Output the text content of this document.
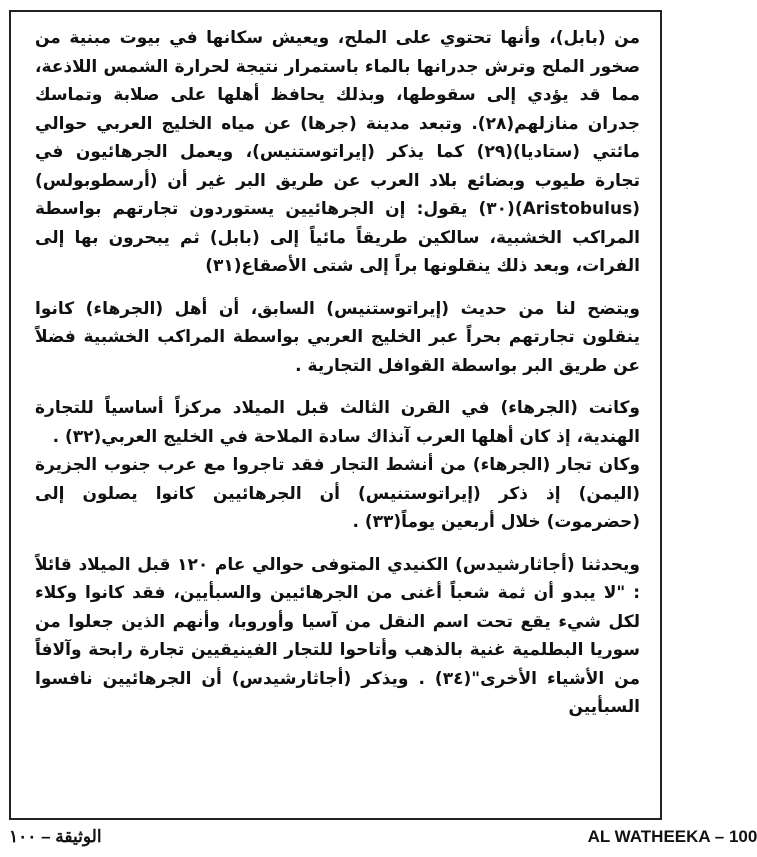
من (بابل)، وأنها تحتوي على الملح، ويعيش سكانها في بيوت مبنية من صخور الملح وترش جدرانها بالماء باستمرار نتيجة لحرارة الشمس اللاذعة، مما قد يؤدي إلى سقوطها، وبذلك يحافظ أهلها على صلابة وتماسك جدران منازلهم(٢٨). وتبعد مدينة (جرها) عن مياه الخليج العربي حوالي مائتي (ستاديا)(٢٩) كما يذكر (إيراتوستنيس)، ويعمل الجرهائيون في تجارة طيوب وبضائع بلاد العرب عن طريق البر غير أن (أرسطوبولس) (Aristobulus)(٣٠) يقول: إن الجرهائيين يستوردون تجارتهم بواسطة المراكب الخشبية، سالكين طريقاً مائياً إلى (بابل) ثم يبحرون بها إلى الفرات، وبعد ذلك ينقلونها براً إلى شتى الأصقاع(٣١)

ويتضح لنا من حديث (إيراتوستنيس) السابق، أن أهل (الجرهاء) كانوا ينقلون تجارتهم بحراً عبر الخليج العربي بواسطة المراكب الخشبية فضلاً عن طريق البر بواسطة القوافل التجارية .

وكانت (الجرهاء) في القرن الثالث قبل الميلاد مركزاً أساسياً للتجارة الهندية، إذ كان أهلها العرب آنذاك سادة الملاحة في الخليج العربي(٣٢) .

وكان تجار (الجرهاء) من أنشط التجار فقد تاجروا مع عرب جنوب الجزيرة (اليمن) إذ ذكر (إيراتوستنيس) أن الجرهائيين كانوا يصلون إلى (حضرموت) خلال أربعين يوماً(٣٣) .

ويحدثنا (أجاثارشيدس) الكنيدي المتوفى حوالي عام ١٢٠ قبل الميلاد قائلاً : "لا يبدو أن ثمة شعباً أغنى من الجرهائيين والسبأيين، فقد كانوا وكلاء لكل شيء يقع تحت اسم النقل من آسيا وأوروبا، وأنهم الذين جعلوا من سوريا البطلمية غنية بالذهب وأتاحوا للتجار الفينيقيين تجارة رابحة وآلافاً من الأشياء الأخرى"(٣٤) . ويذكر (أجاثارشيدس) أن الجرهائيين نافسوا السبأيين

الوثيقة – ١٠٠	AL WATHEEKA – 100
